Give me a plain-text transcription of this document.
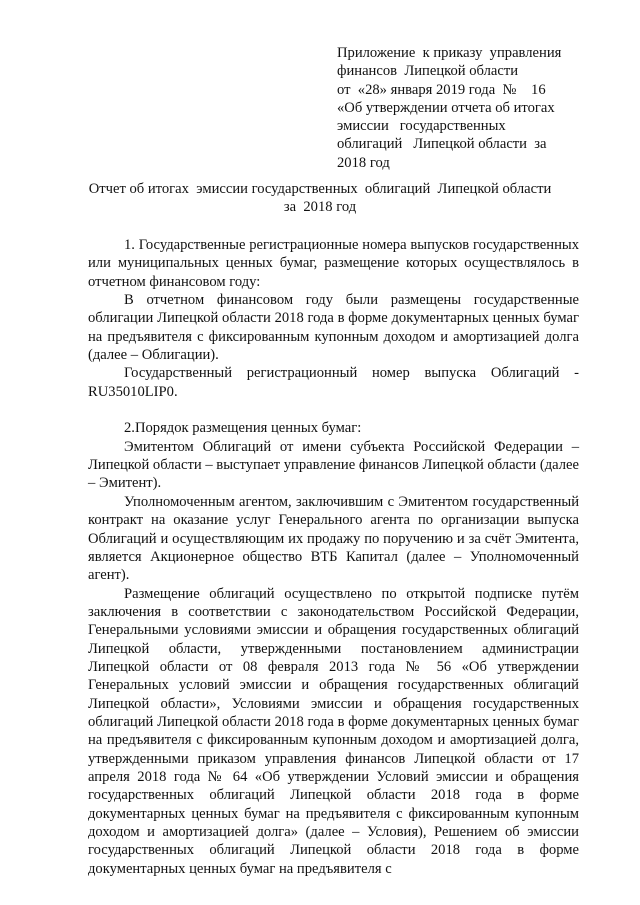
Приложение  к приказу  управления
финансов  Липецкой области
от  «28» января 2019 года  №    16
«Об утверждении отчета об итогах
эмиссии   государственных
облигаций   Липецкой области  за
2018 год
Отчет об итогах  эмиссии государственных  облигаций  Липецкой области
за  2018 год

1. Государственные регистрационные номера выпусков государственных или муниципальных ценных бумаг, размещение которых осуществлялось в отчетном финансовом году:

В отчетном финансовом году были размещены государственные облигации Липецкой области 2018 года в форме документарных ценных бумаг на предъявителя с фиксированным купонным доходом и амортизацией долга (далее – Облигации).

Государственный регистрационный номер выпуска Облигаций - RU35010LIP0.

2.Порядок размещения ценных бумаг:

Эмитентом Облигаций от имени субъекта Российской Федерации – Липецкой области – выступает управление финансов Липецкой области (далее – Эмитент).

Уполномоченным агентом, заключившим с Эмитентом государственный контракт на оказание услуг Генерального агента по организации выпуска Облигаций и осуществляющим их продажу по поручению и за счёт Эмитента, является Акционерное общество ВТБ Капитал (далее – Уполномоченный агент).

Размещение облигаций осуществлено по открытой подписке путём заключения в соответствии с законодательством Российской Федерации, Генеральными условиями эмиссии и обращения государственных облигаций Липецкой области, утвержденными постановлением администрации Липецкой области от 08 февраля 2013 года № 56 «Об утверждении Генеральных условий эмиссии и обращения государственных облигаций Липецкой области», Условиями эмиссии и обращения государственных облигаций Липецкой области 2018 года в форме документарных ценных бумаг на предъявителя с фиксированным купонным доходом и амортизацией долга, утвержденными приказом управления финансов Липецкой области от 17 апреля 2018 года № 64 «Об утверждении Условий эмиссии и обращения государственных облигаций Липецкой области 2018 года в форме документарных ценных бумаг на предъявителя с фиксированным купонным доходом и амортизацией долга» (далее – Условия), Решением об эмиссии государственных облигаций Липецкой области 2018 года в форме документарных ценных бумаг на предъявителя с
